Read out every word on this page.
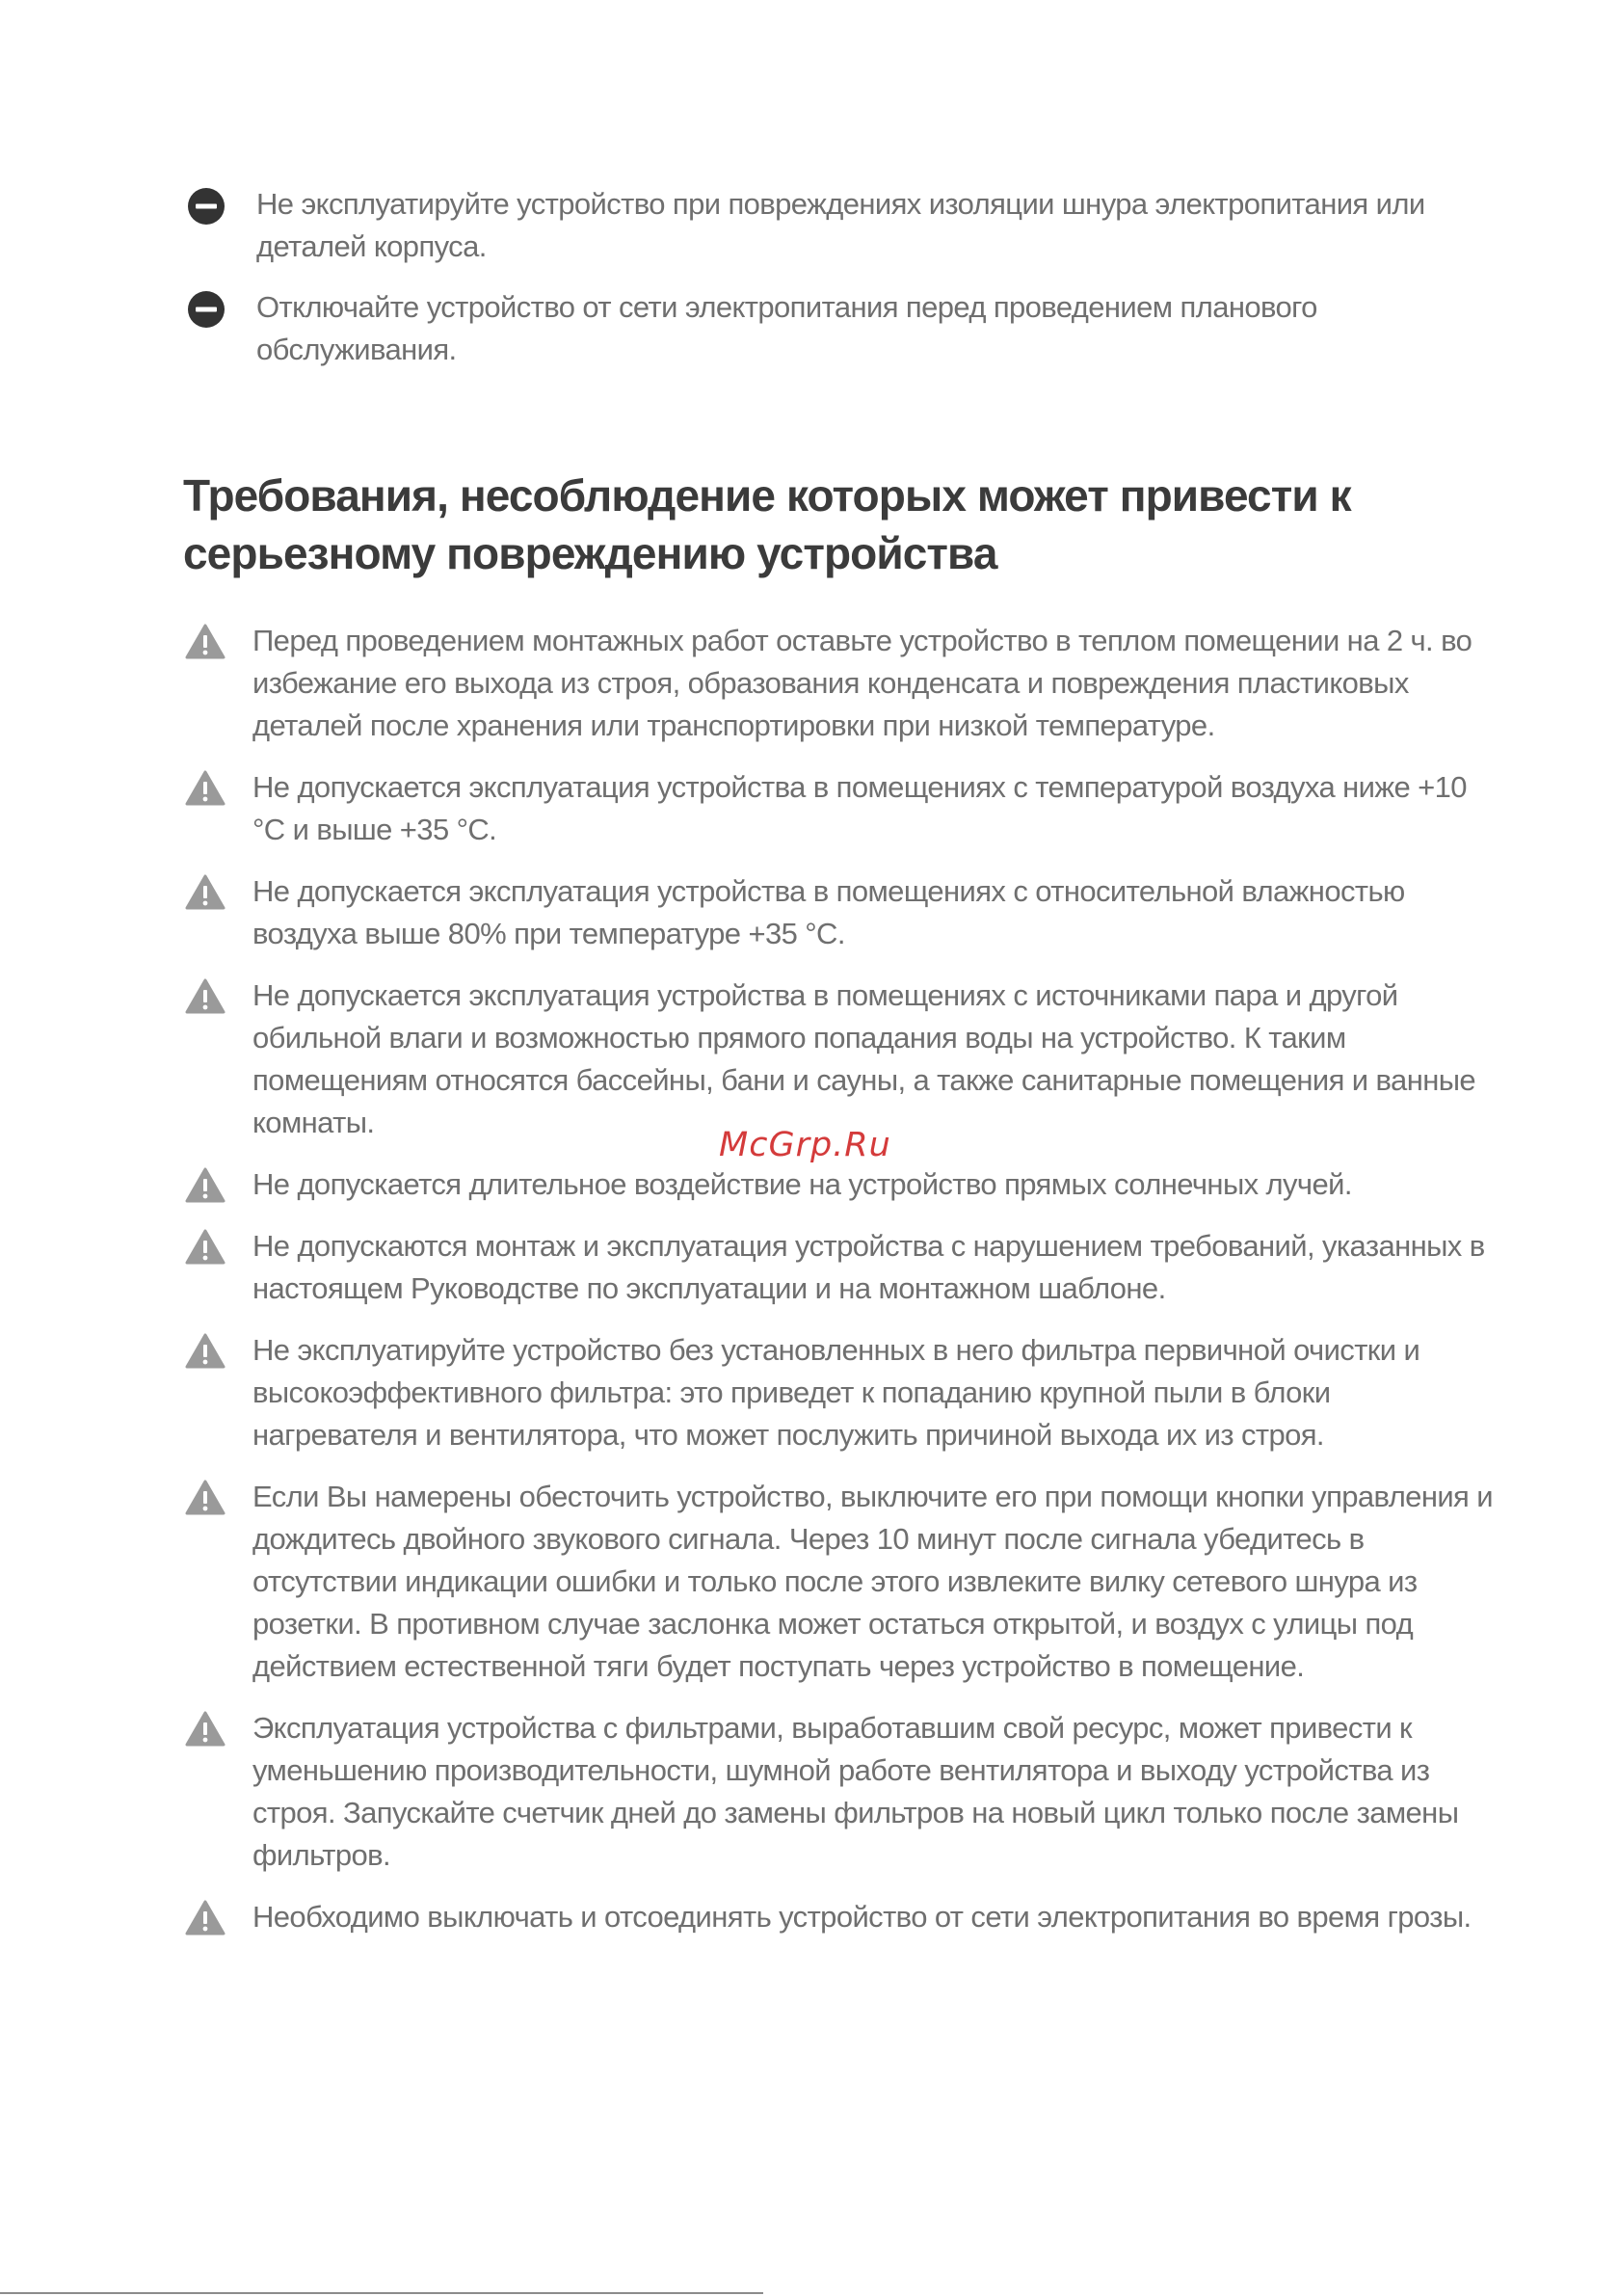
Не эксплуатируйте устройство при повреждениях изоляции шнура электропитания или деталей корпуса.
Отключайте устройство от сети электропитания перед проведением планового обслуживания.
Требования, несоблюдение которых может привести к серьезному повреждению устройства
Перед проведением монтажных работ оставьте устройство в теплом помещении на 2 ч. во избежание его выхода из строя, образования конденсата и повреждения пластиковых деталей после хранения или транспортировки при низкой температуре.
Не допускается эксплуатация устройства в помещениях с температурой воздуха ниже +10 °C и выше +35 °C.
Не допускается эксплуатация устройства в помещениях с относительной влажностью воздуха выше 80% при температуре +35 °C.
Не допускается эксплуатация устройства в помещениях с источниками пара и другой обильной влаги и возможностью прямого попадания воды на устройство. К таким помещениям относятся бассейны, бани и сауны, а также санитарные помещения и ванные комнаты.
Не допускается длительное воздействие на устройство прямых солнечных лучей.
Не допускаются монтаж и эксплуатация устройства с нарушением требований, указанных в настоящем Руководстве по эксплуатации и на монтажном шаблоне.
Не эксплуатируйте устройство без установленных в него фильтра первичной очистки и высокоэффективного фильтра: это приведет к попаданию крупной пыли в блоки нагревателя и вентилятора, что может послужить причиной выхода их из строя.
Если Вы намерены обесточить устройство, выключите его при помощи кнопки управления и дождитесь двойного звукового сигнала. Через 10 минут после сигнала убедитесь в отсутствии индикации ошибки и только после этого извлеките вилку сетевого шнура из розетки. В противном случае заслонка может остаться открытой, и воздух с улицы под действием естественной тяги будет поступать через устройство в помещение.
Эксплуатация устройства с фильтрами, выработавшим свой ресурс, может привести к уменьшению производительности, шумной работе вентилятора и выходу устройства из строя. Запускайте счетчик дней до замены фильтров на новый цикл только после замены фильтров.
Необходимо выключать и отсоединять устройство от сети электропитания во время грозы.
McGrp.Ru
